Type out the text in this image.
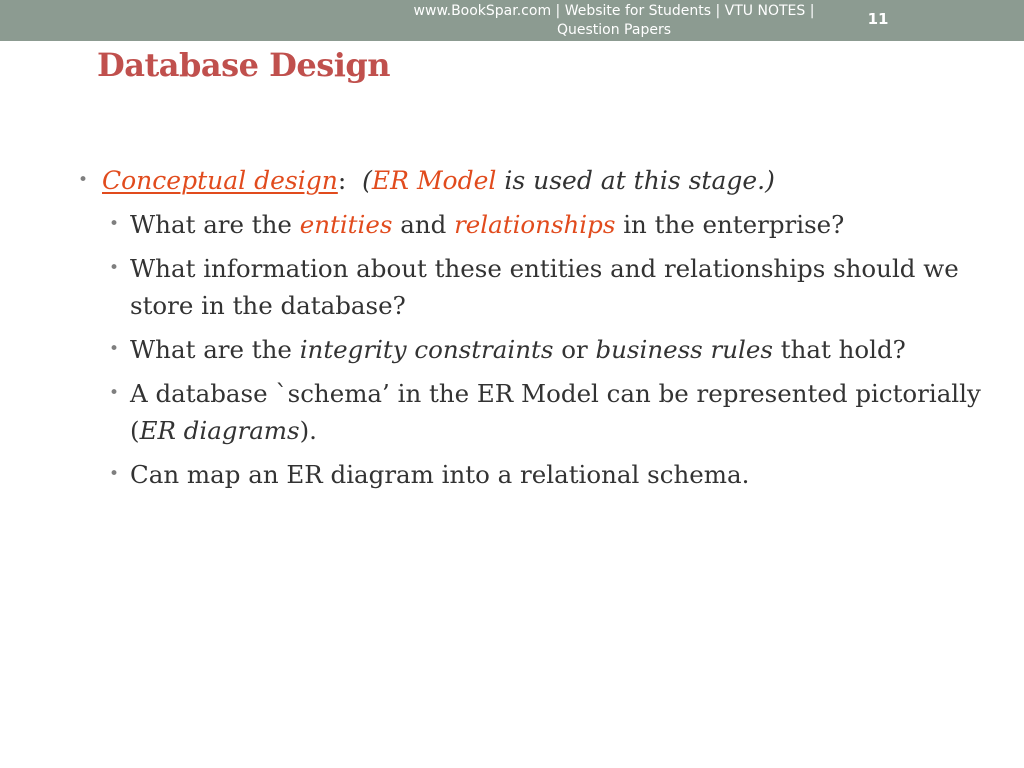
www.BookSpar.com | Website for Students | VTU NOTES | Question Papers
11
Database Design
• Conceptual design: (ER Model is used at this stage.)
• What are the entities and relationships in the enterprise?
• What information about these entities and relationships should we store in the database?
• What are the integrity constraints or business rules that hold?
• A database `schema’ in the ER Model can be represented pictorially (ER diagrams).
• Can map an ER diagram into a relational schema.
